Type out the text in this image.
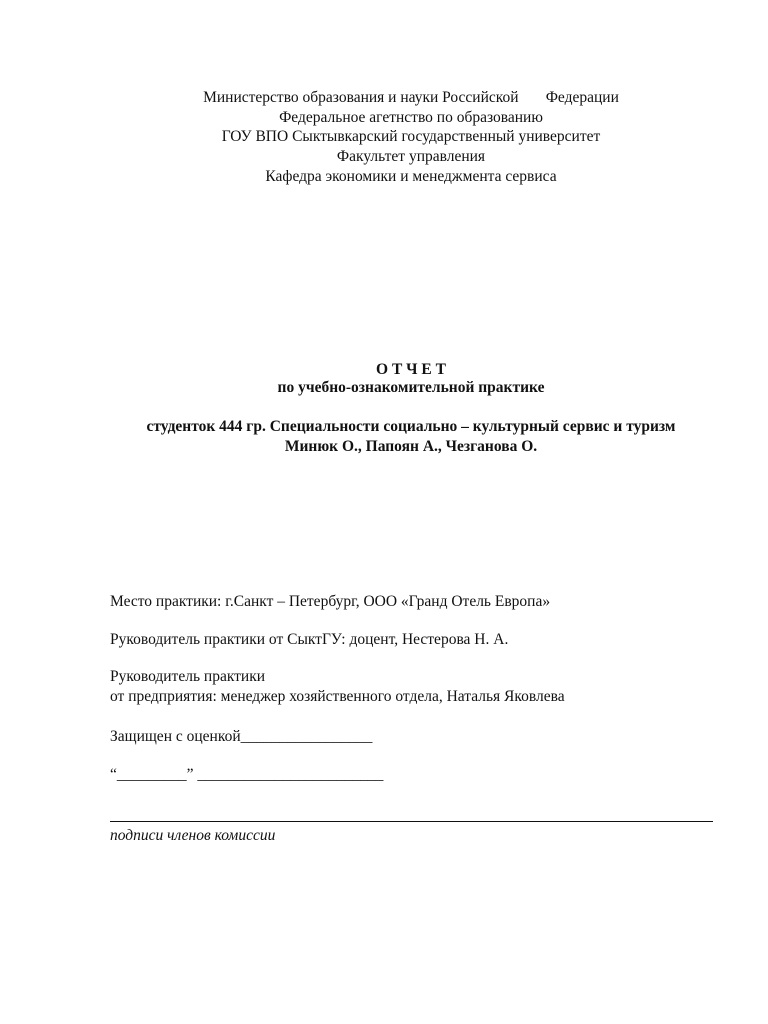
Министерство образования и науки Российской       Федерации
Федеральное агетнство по образованию
ГОУ ВПО Сыктывкарский государственный университет
Факультет управления
Кафедра экономики и менеджмента сервиса
О Т Ч Е Т
по учебно-ознакомительной практике
студенток 444 гр. Специальности социально – культурный сервис и туризм
Минюк О., Папоян А., Чезганова О.
Место практики: г.Санкт – Петербург, ООО «Гранд Отель Европа»
Руководитель практики от СыктГУ: доцент, Нестерова Н. А.
Руководитель практики
от предприятия: менеджер хозяйственного отдела, Наталья Яковлева
Защищен с оценкой_________________
“_________” ________________________
подписи членов комиссии
